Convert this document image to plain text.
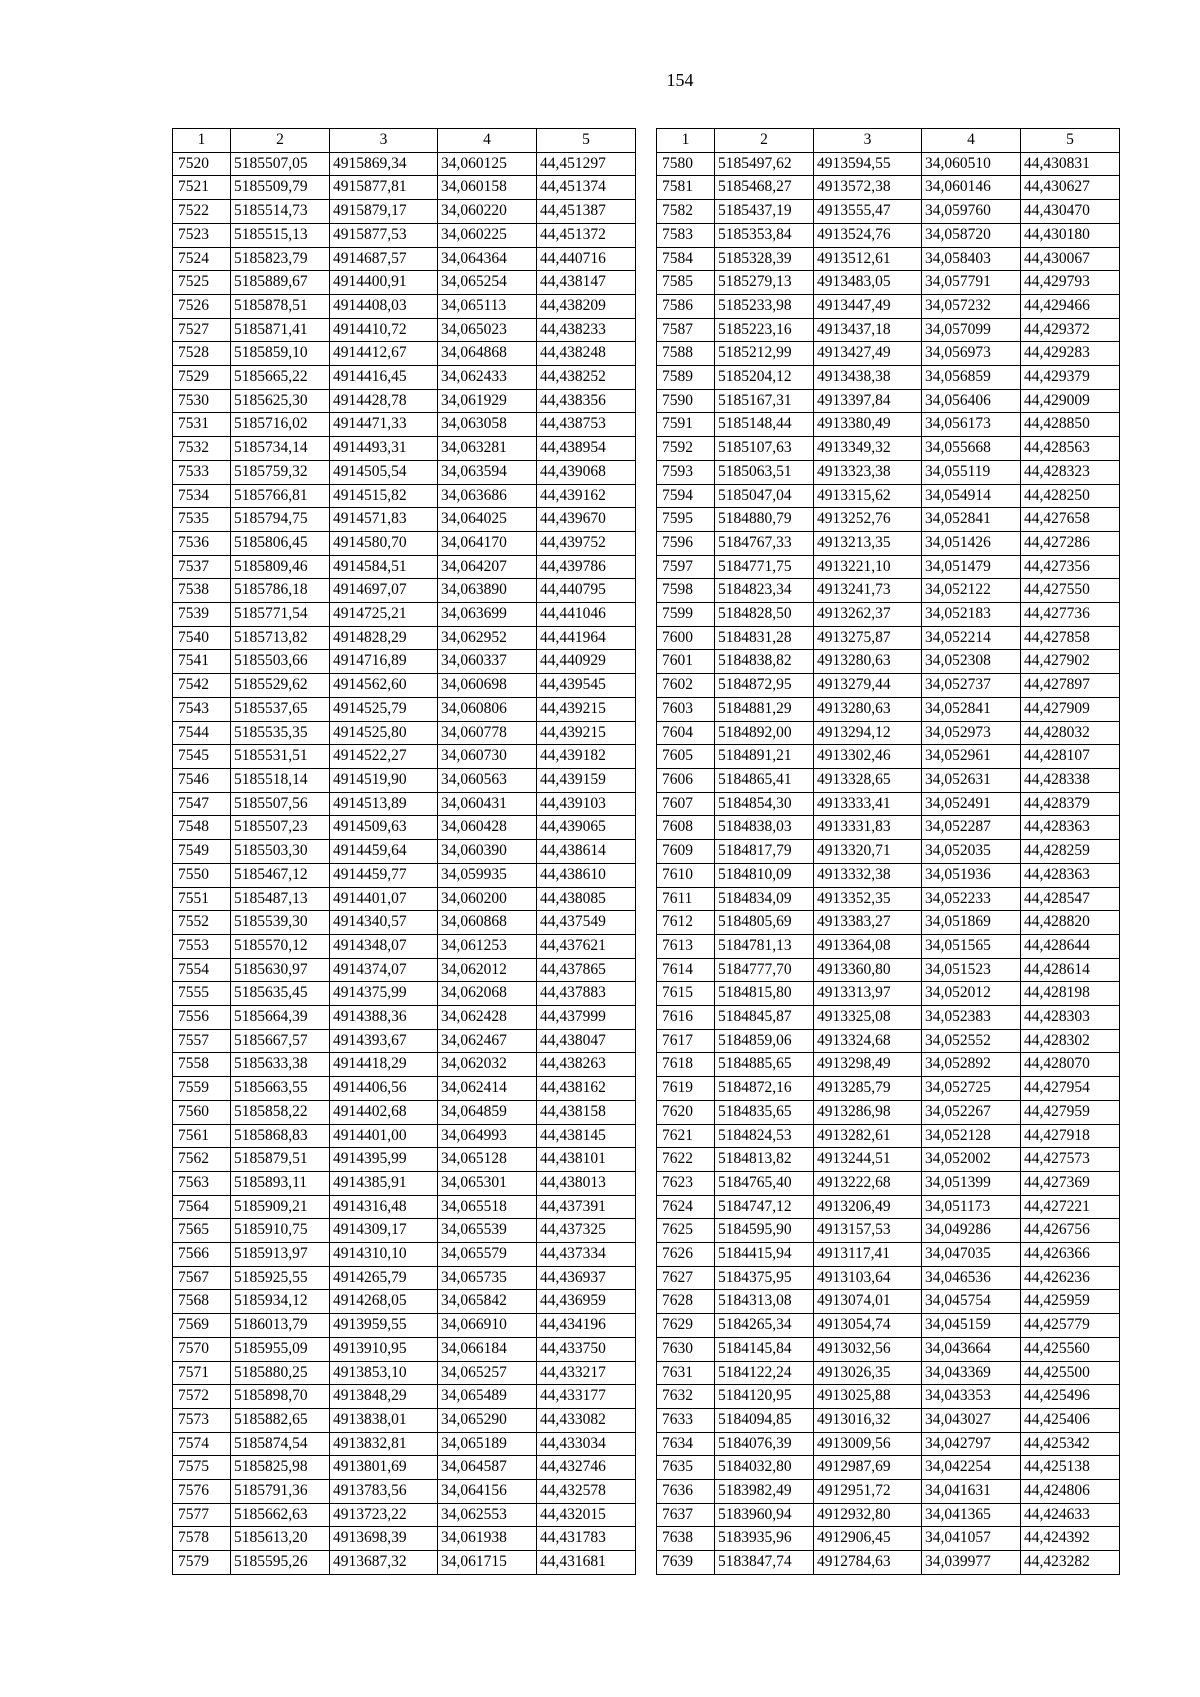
154
1	2	3	4	5
7520	5185507,05	4915869,34	34,060125	44,451297
7521	5185509,79	4915877,81	34,060158	44,451374
7522	5185514,73	4915879,17	34,060220	44,451387
7523	5185515,13	4915877,53	34,060225	44,451372
7524	5185823,79	4914687,57	34,064364	44,440716
7525	5185889,67	4914400,91	34,065254	44,438147
7526	5185878,51	4914408,03	34,065113	44,438209
7527	5185871,41	4914410,72	34,065023	44,438233
7528	5185859,10	4914412,67	34,064868	44,438248
7529	5185665,22	4914416,45	34,062433	44,438252
7530	5185625,30	4914428,78	34,061929	44,438356
7531	5185716,02	4914471,33	34,063058	44,438753
7532	5185734,14	4914493,31	34,063281	44,438954
7533	5185759,32	4914505,54	34,063594	44,439068
7534	5185766,81	4914515,82	34,063686	44,439162
7535	5185794,75	4914571,83	34,064025	44,439670
7536	5185806,45	4914580,70	34,064170	44,439752
7537	5185809,46	4914584,51	34,064207	44,439786
7538	5185786,18	4914697,07	34,063890	44,440795
7539	5185771,54	4914725,21	34,063699	44,441046
7540	5185713,82	4914828,29	34,062952	44,441964
7541	5185503,66	4914716,89	34,060337	44,440929
7542	5185529,62	4914562,60	34,060698	44,439545
7543	5185537,65	4914525,79	34,060806	44,439215
7544	5185535,35	4914525,80	34,060778	44,439215
7545	5185531,51	4914522,27	34,060730	44,439182
7546	5185518,14	4914519,90	34,060563	44,439159
7547	5185507,56	4914513,89	34,060431	44,439103
7548	5185507,23	4914509,63	34,060428	44,439065
7549	5185503,30	4914459,64	34,060390	44,438614
7550	5185467,12	4914459,77	34,059935	44,438610
7551	5185487,13	4914401,07	34,060200	44,438085
7552	5185539,30	4914340,57	34,060868	44,437549
7553	5185570,12	4914348,07	34,061253	44,437621
7554	5185630,97	4914374,07	34,062012	44,437865
7555	5185635,45	4914375,99	34,062068	44,437883
7556	5185664,39	4914388,36	34,062428	44,437999
7557	5185667,57	4914393,67	34,062467	44,438047
7558	5185633,38	4914418,29	34,062032	44,438263
7559	5185663,55	4914406,56	34,062414	44,438162
7560	5185858,22	4914402,68	34,064859	44,438158
7561	5185868,83	4914401,00	34,064993	44,438145
7562	5185879,51	4914395,99	34,065128	44,438101
7563	5185893,11	4914385,91	34,065301	44,438013
7564	5185909,21	4914316,48	34,065518	44,437391
7565	5185910,75	4914309,17	34,065539	44,437325
7566	5185913,97	4914310,10	34,065579	44,437334
7567	5185925,55	4914265,79	34,065735	44,436937
7568	5185934,12	4914268,05	34,065842	44,436959
7569	5186013,79	4913959,55	34,066910	44,434196
7570	5185955,09	4913910,95	34,066184	44,433750
7571	5185880,25	4913853,10	34,065257	44,433217
7572	5185898,70	4913848,29	34,065489	44,433177
7573	5185882,65	4913838,01	34,065290	44,433082
7574	5185874,54	4913832,81	34,065189	44,433034
7575	5185825,98	4913801,69	34,064587	44,432746
7576	5185791,36	4913783,56	34,064156	44,432578
7577	5185662,63	4913723,22	34,062553	44,432015
7578	5185613,20	4913698,39	34,061938	44,431783
7579	5185595,26	4913687,32	34,061715	44,431681
1	2	3	4	5
7580	5185497,62	4913594,55	34,060510	44,430831
7581	5185468,27	4913572,38	34,060146	44,430627
7582	5185437,19	4913555,47	34,059760	44,430470
7583	5185353,84	4913524,76	34,058720	44,430180
7584	5185328,39	4913512,61	34,058403	44,430067
7585	5185279,13	4913483,05	34,057791	44,429793
7586	5185233,98	4913447,49	34,057232	44,429466
7587	5185223,16	4913437,18	34,057099	44,429372
7588	5185212,99	4913427,49	34,056973	44,429283
7589	5185204,12	4913438,38	34,056859	44,429379
7590	5185167,31	4913397,84	34,056406	44,429009
7591	5185148,44	4913380,49	34,056173	44,428850
7592	5185107,63	4913349,32	34,055668	44,428563
7593	5185063,51	4913323,38	34,055119	44,428323
7594	5185047,04	4913315,62	34,054914	44,428250
7595	5184880,79	4913252,76	34,052841	44,427658
7596	5184767,33	4913213,35	34,051426	44,427286
7597	5184771,75	4913221,10	34,051479	44,427356
7598	5184823,34	4913241,73	34,052122	44,427550
7599	5184828,50	4913262,37	34,052183	44,427736
7600	5184831,28	4913275,87	34,052214	44,427858
7601	5184838,82	4913280,63	34,052308	44,427902
7602	5184872,95	4913279,44	34,052737	44,427897
7603	5184881,29	4913280,63	34,052841	44,427909
7604	5184892,00	4913294,12	34,052973	44,428032
7605	5184891,21	4913302,46	34,052961	44,428107
7606	5184865,41	4913328,65	34,052631	44,428338
7607	5184854,30	4913333,41	34,052491	44,428379
7608	5184838,03	4913331,83	34,052287	44,428363
7609	5184817,79	4913320,71	34,052035	44,428259
7610	5184810,09	4913332,38	34,051936	44,428363
7611	5184834,09	4913352,35	34,052233	44,428547
7612	5184805,69	4913383,27	34,051869	44,428820
7613	5184781,13	4913364,08	34,051565	44,428644
7614	5184777,70	4913360,80	34,051523	44,428614
7615	5184815,80	4913313,97	34,052012	44,428198
7616	5184845,87	4913325,08	34,052383	44,428303
7617	5184859,06	4913324,68	34,052552	44,428302
7618	5184885,65	4913298,49	34,052892	44,428070
7619	5184872,16	4913285,79	34,052725	44,427954
7620	5184835,65	4913286,98	34,052267	44,427959
7621	5184824,53	4913282,61	34,052128	44,427918
7622	5184813,82	4913244,51	34,052002	44,427573
7623	5184765,40	4913222,68	34,051399	44,427369
7624	5184747,12	4913206,49	34,051173	44,427221
7625	5184595,90	4913157,53	34,049286	44,426756
7626	5184415,94	4913117,41	34,047035	44,426366
7627	5184375,95	4913103,64	34,046536	44,426236
7628	5184313,08	4913074,01	34,045754	44,425959
7629	5184265,34	4913054,74	34,045159	44,425779
7630	5184145,84	4913032,56	34,043664	44,425560
7631	5184122,24	4913026,35	34,043369	44,425500
7632	5184120,95	4913025,88	34,043353	44,425496
7633	5184094,85	4913016,32	34,043027	44,425406
7634	5184076,39	4913009,56	34,042797	44,425342
7635	5184032,80	4912987,69	34,042254	44,425138
7636	5183982,49	4912951,72	34,041631	44,424806
7637	5183960,94	4912932,80	34,041365	44,424633
7638	5183935,96	4912906,45	34,041057	44,424392
7639	5183847,74	4912784,63	34,039977	44,423282
